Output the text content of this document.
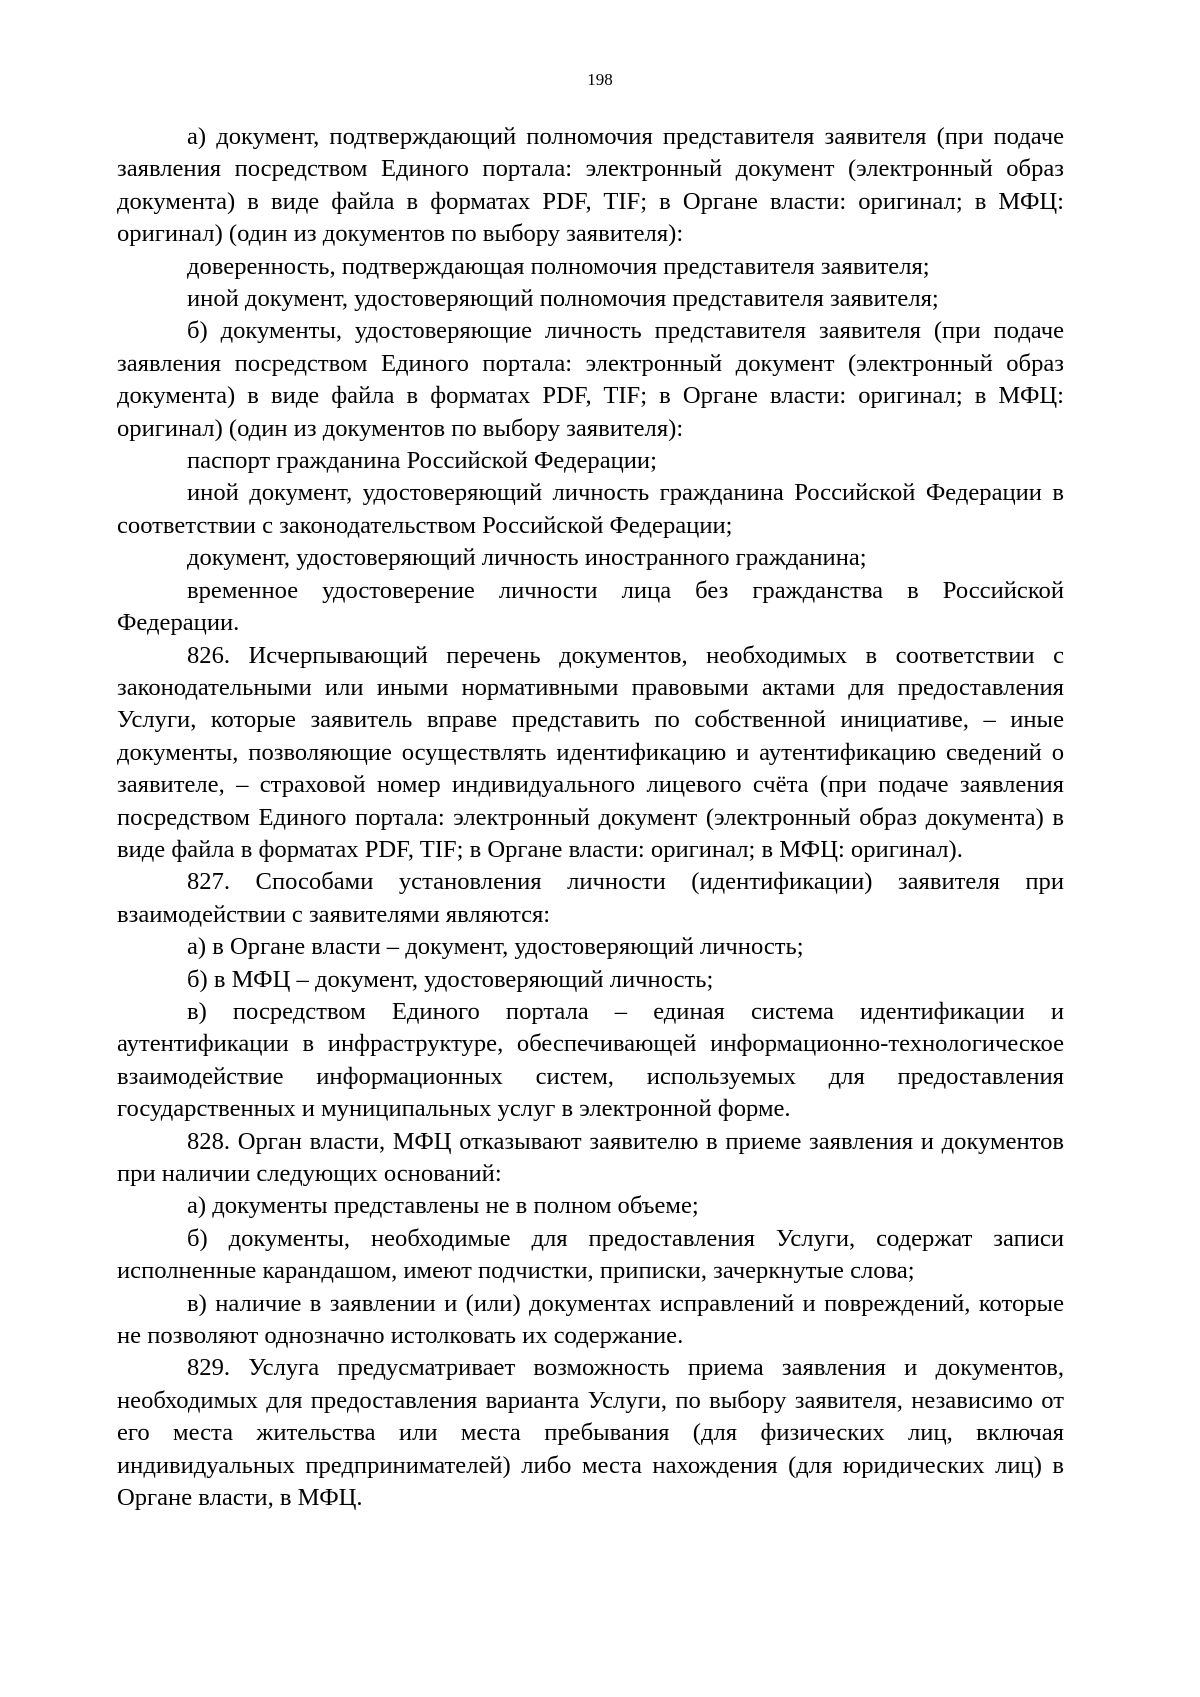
198

а) документ, подтверждающий полномочия представителя заявителя (при подаче заявления посредством Единого портала: электронный документ (электронный образ документа) в виде файла в форматах PDF, TIF; в Органе власти: оригинал; в МФЦ: оригинал) (один из документов по выбору заявителя):

доверенность, подтверждающая полномочия представителя заявителя;

иной документ, удостоверяющий полномочия представителя заявителя;

б) документы, удостоверяющие личность представителя заявителя (при подаче заявления посредством Единого портала: электронный документ (электронный образ документа) в виде файла в форматах PDF, TIF; в Органе власти: оригинал; в МФЦ: оригинал) (один из документов по выбору заявителя):

паспорт гражданина Российской Федерации;

иной документ, удостоверяющий личность гражданина Российской Федерации в соответствии с законодательством Российской Федерации;

документ, удостоверяющий личность иностранного гражданина;

временное удостоверение личности лица без гражданства в Российской Федерации.

826. Исчерпывающий перечень документов, необходимых в соответствии с законодательными или иными нормативными правовыми актами для предоставления Услуги, которые заявитель вправе представить по собственной инициативе, – иные документы, позволяющие осуществлять идентификацию и аутентификацию сведений о заявителе, – страховой номер индивидуального лицевого счёта (при подаче заявления посредством Единого портала: электронный документ (электронный образ документа) в виде файла в форматах PDF, TIF; в Органе власти: оригинал; в МФЦ: оригинал).

827. Способами установления личности (идентификации) заявителя при взаимодействии с заявителями являются:

а) в Органе власти – документ, удостоверяющий личность;

б) в МФЦ – документ, удостоверяющий личность;

в) посредством Единого портала – единая система идентификации и аутентификации в инфраструктуре, обеспечивающей информационно-технологическое взаимодействие информационных систем, используемых для предоставления государственных и муниципальных услуг в электронной форме.

828. Орган власти, МФЦ отказывают заявителю в приеме заявления и документов при наличии следующих оснований:

а) документы представлены не в полном объеме;

б) документы, необходимые для предоставления Услуги, содержат записи исполненные карандашом, имеют подчистки, приписки, зачеркнутые слова;

в) наличие в заявлении и (или) документах исправлений и повреждений, которые не позволяют однозначно истолковать их содержание.

829. Услуга предусматривает возможность приема заявления и документов, необходимых для предоставления варианта Услуги, по выбору заявителя, независимо от его места жительства или места пребывания (для физических лиц, включая индивидуальных предпринимателей) либо места нахождения (для юридических лиц) в Органе власти, в МФЦ.
